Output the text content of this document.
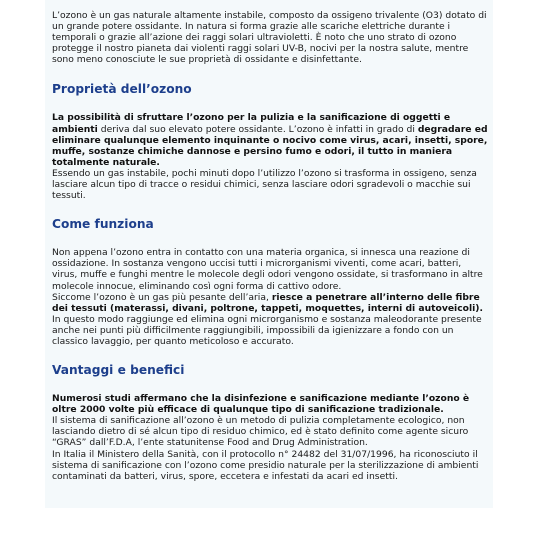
L’ozono è un gas naturale altamente instabile, composto da ossigeno trivalente (O3) dotato di un grande potere ossidante. In natura si forma grazie alle scariche elettriche durante i temporali o grazie all’azione dei raggi solari ultravioletti. È noto che uno strato di ozono protegge il nostro pianeta dai violenti raggi solari UV-B, nocivi per la nostra salute, mentre sono meno conosciute le sue proprietà di ossidante e disinfettante.

Proprietà dell’ozono

La possibilità di sfruttare l’ozono per la pulizia e la sanificazione di oggetti e ambienti deriva dal suo elevato potere ossidante. L’ozono è infatti in grado di degradare ed eliminare qualunque elemento inquinante o nocivo come virus, acari, insetti, spore, muffe, sostanze chimiche dannose e persino fumo e odori, il tutto in maniera totalmente naturale.

Essendo un gas instabile, pochi minuti dopo l’utilizzo l’ozono si trasforma in ossigeno, senza lasciare alcun tipo di tracce o residui chimici, senza lasciare odori sgradevoli o macchie sui tessuti.

Come funziona

Non appena l’ozono entra in contatto con una materia organica, si innesca una reazione di ossidazione. In sostanza vengono uccisi tutti i microrganismi viventi, come acari, batteri, virus, muffe e funghi mentre le molecole degli odori vengono ossidate, si trasformano in altre molecole innocue, eliminando così ogni forma di cattivo odore.

Siccome l’ozono è un gas più pesante dell’aria, riesce a penetrare all’interno delle fibre dei tessuti (materassi, divani, poltrone, tappeti, moquettes, interni di autoveicoli). In questo modo raggiunge ed elimina ogni microrganismo e sostanza maleodorante presente anche nei punti più difficilmente raggiungibili, impossibili da igienizzare a fondo con un classico lavaggio, per quanto meticoloso e accurato.

Vantaggi e benefici

Numerosi studi affermano che la disinfezione e sanificazione mediante l’ozono è oltre 2000 volte più efficace di qualunque tipo di sanificazione tradizionale.

Il sistema di sanificazione all’ozono è un metodo di pulizia completamente ecologico, non lasciando dietro di sé alcun tipo di residuo chimico, ed è stato definito come agente sicuro “GRAS” dall’F.D.A, l’ente statunitense Food and Drug Administration.

In Italia il Ministero della Sanità, con il protocollo n° 24482 del 31/07/1996, ha riconosciuto il sistema di sanificazione con l’ozono come presidio naturale per la sterilizzazione di ambienti contaminati da batteri, virus, spore, eccetera e infestati da acari ed insetti.
